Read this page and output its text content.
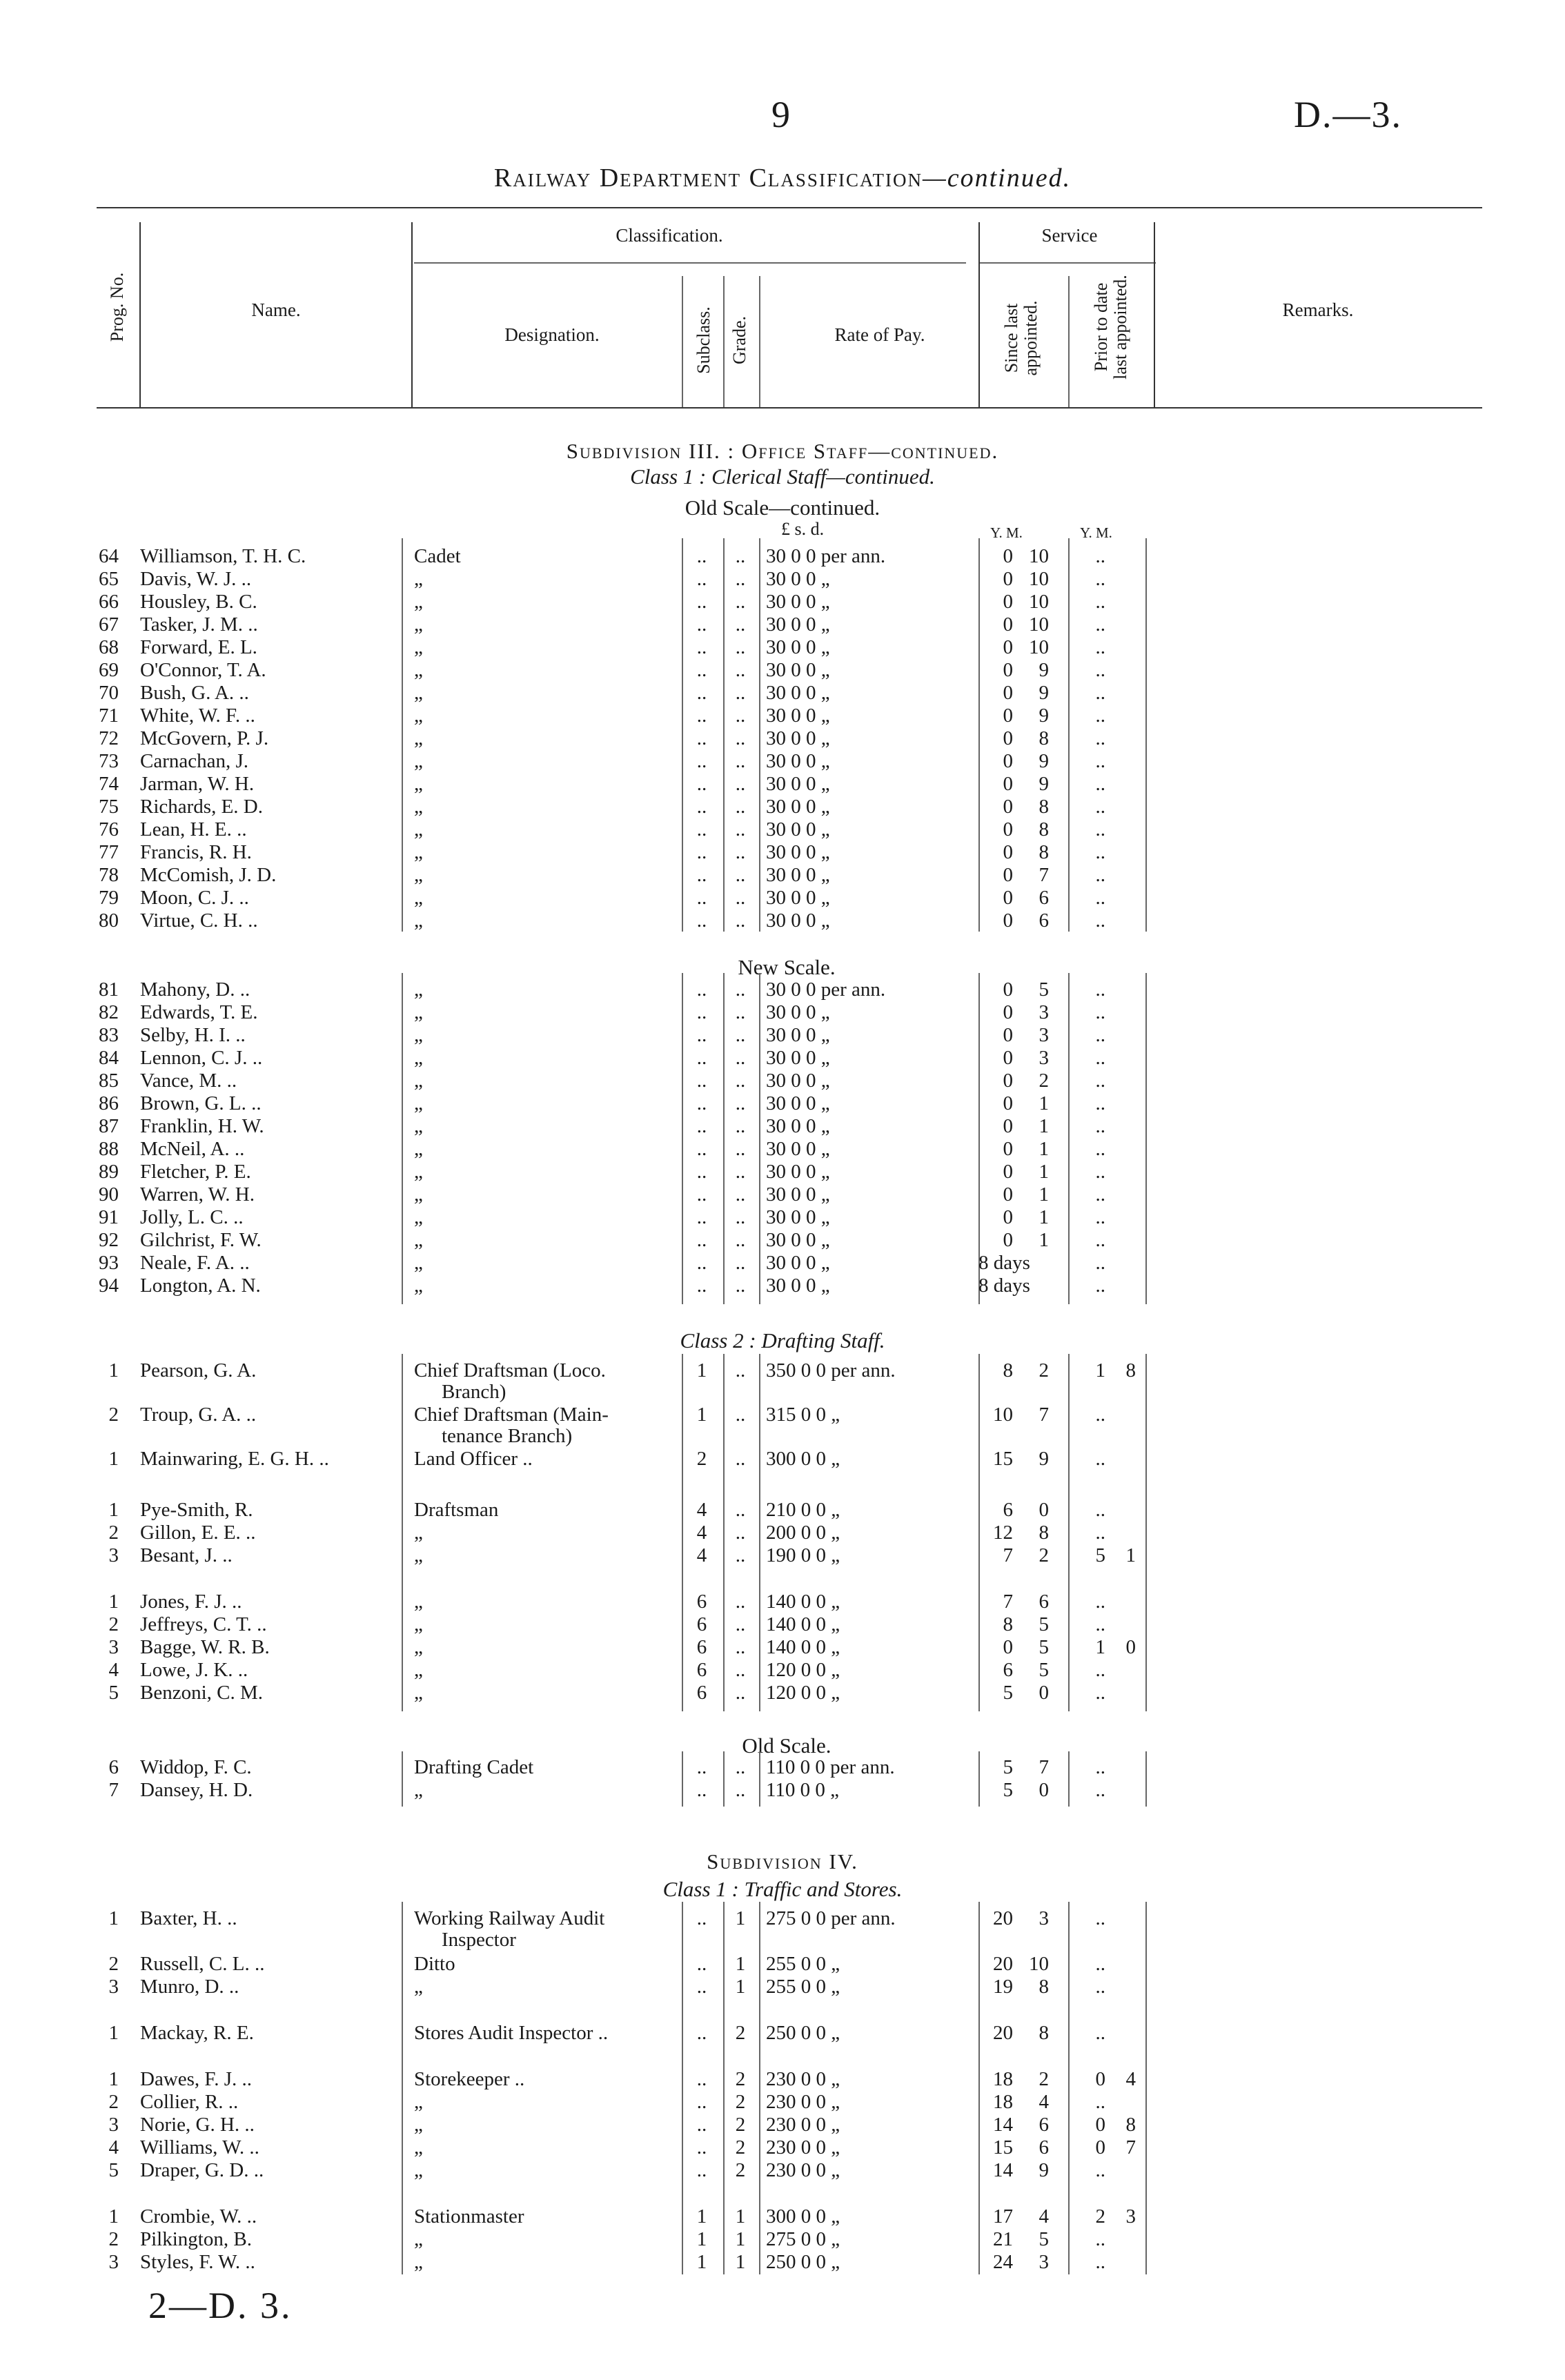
9	D.—3.
Railway Department Classification—continued.
Prog. No.	Name.
Classification.
Designation.	Subclass. Grade.	Rate of Pay.
Service
Since last appointed.	Prior to date last appointed.	Remarks.
Subdivision III. : Office Staff—continued.
Class 1 : Clerical Staff—continued.
Old Scale—continued.
£ s. d.	Y. M.	Y. M.
New Scale.
Class 2 : Drafting Staff.
Old Scale.
Subdivision IV.
Class 1 : Traffic and Stores.
64 Williamson, T. H. C.	Cadet	.. .. 30 0 0 per ann.	0 10	..
65 Davis, W. J. ..	„	.. .. 30 0 0 „	0 10	..
66 Housley, B. C.	„	.. .. 30 0 0 „	0 10	..
67 Tasker, J. M. ..	„	.. .. 30 0 0 „	0 10	..
68 Forward, E. L.	„	.. .. 30 0 0 „	0 10	..
69 O'Connor, T. A.	„	.. .. 30 0 0 „	0	9	..
70 Bush, G. A. ..	„	.. .. 30 0 0 „	0	9	..
71 White, W. F. ..	„	.. .. 30 0 0 „	0	9	..
72 McGovern, P. J.	„	.. .. 30 0 0 „	0	8	..
73 Carnachan, J.	„	.. .. 30 0 0 „	0	9	..
74 Jarman, W. H.	„	.. .. 30 0 0 „	0	9	..
75 Richards, E. D.	„	.. .. 30 0 0 „	0	8	..
76 Lean, H. E. ..	„	.. .. 30 0 0 „	0	8	..
77 Francis, R. H.	„	.. .. 30 0 0 „	0	8	..
78 McComish, J. D.	„	.. .. 30 0 0 „	0	7	..
79 Moon, C. J. ..	„	.. .. 30 0 0 „	0	6	..
80 Virtue, C. H. ..	„	.. .. 30 0 0 „	0	6	..
81 Mahony, D. ..	„	.. .. 30 0 0 per ann.	0	5	..
82 Edwards, T. E.	„	.. .. 30 0 0 „	0	3	..
83 Selby, H. I. ..	„	.. .. 30 0 0 „	0	3	..
84 Lennon, C. J. ..	„	.. .. 30 0 0 „	0	3	..
85 Vance, M. ..	„	.. .. 30 0 0 „	0	2	..
86 Brown, G. L. ..	„	.. .. 30 0 0 „	0	1	..
87 Franklin, H. W.	„	.. .. 30 0 0 „	0	1	..
88 McNeil, A. ..	„	.. .. 30 0 0 „	0	1	..
89 Fletcher, P. E.	„	.. .. 30 0 0 „	0	1	..
90 Warren, W. H.	„	.. .. 30 0 0 „	0	1	..
91 Jolly, L. C. ..	„	.. .. 30 0 0 „	0	1	..
92 Gilchrist, F. W.	„	.. .. 30 0 0 „	0	1	..
93 Neale, F. A. ..	„	.. .. 30 0 0 „	8 days	..
94 Longton, A. N.	„	.. .. 30 0 0 „	8 days	..
1 Pearson, G. A.	Chief Draftsman (Loco.	1 .. 350 0 0 per ann.	8	2	1	8
Branch)
2 Troup, G. A. ..	Chief Draftsman (Main-	1 .. 315 0 0 „	10	7	..
tenance Branch)
1 Mainwaring, E. G. H. ..	Land Officer ..	2 .. 300 0 0 „	15	9	..
1 Pye-Smith, R.	Draftsman	4 .. 210 0 0 „	6	0	..
2 Gillon, E. E. ..	„	4 .. 200 0 0 „	12	8	..
3 Besant, J. ..	„	4 .. 190 0 0 „	7	2	5	1
1 Jones, F. J. ..	„	6 .. 140 0 0 „	7	6	..
2 Jeffreys, C. T. ..	„	6 .. 140 0 0 „	8	5	..
3 Bagge, W. R. B.	„	6 .. 140 0 0 „	0	5	1	0
4 Lowe, J. K. ..	„	6 .. 120 0 0 „	6	5	..
5 Benzoni, C. M.	„	6 .. 120 0 0 „	5	0	..
6 Widdop, F. C.	Drafting Cadet	.. .. 110 0 0 per ann.	5	7	..
7 Dansey, H. D.	„	.. .. 110 0 0 „	5	0	..
1 Baxter, H. ..	Working Railway Audit	.. 1 275 0 0 per ann.	20	3	..
Inspector
2 Russell, C. L. ..	Ditto	.. 1 255 0 0 „	20 10	..
3 Munro, D. ..	„	.. 1 255 0 0 „	19	8	..
1 Mackay, R. E.	Stores Audit Inspector ..	.. 2 250 0 0 „	20	8	..
1 Dawes, F. J. ..	Storekeeper ..	.. 2 230 0 0 „	18	2	0	4
2 Collier, R. ..	„	.. 2 230 0 0 „	18	4	..
3 Norie, G. H. ..	„	.. 2 230 0 0 „	14	6	0	8
4 Williams, W. ..	„	.. 2 230 0 0 „	15	6	0	7
5 Draper, G. D. ..	„	.. 2 230 0 0 „	14	9	..
1 Crombie, W. ..	Stationmaster	1 1 300 0 0 „	17	4	2	3
2 Pilkington, B.	„	1 1 275 0 0 „	21	5	..
3 Styles, F. W. ..	„	1 1 250 0 0 „	24	3	..
2—D. 3.
